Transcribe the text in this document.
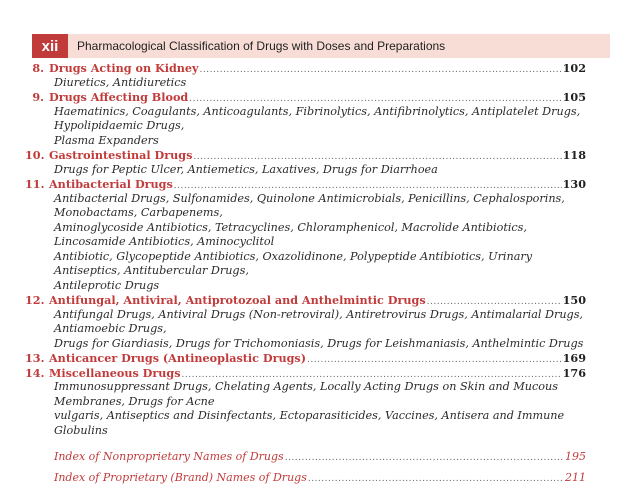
xii	Pharmacological Classification of Drugs with Doses and Preparations
8. Drugs Acting on Kidney .....	102
Diuretics, Antidiuretics
9. Drugs Affecting Blood .....	105
Haematinics, Coagulants, Anticoagulants, Fibrinolytics, Antifibrinolytics, Antiplatelet Drugs, Hypolipidaemic Drugs,
Plasma Expanders
10. Gastrointestinal Drugs .....	118
Drugs for Peptic Ulcer, Antiemetics, Laxatives, Drugs for Diarrhoea
11. Antibacterial Drugs .....	130
Antibacterial Drugs, Sulfonamides, Quinolone Antimicrobials, Penicillins, Cephalosporins, Monobactams, Carbapenems,
Aminoglycoside Antibiotics, Tetracyclines, Chloramphenicol, Macrolide Antibiotics, Lincosamide Antibiotics, Aminocyclitol
Antibiotic, Glycopeptide Antibiotics, Oxazolidinone, Polypeptide Antibiotics, Urinary Antiseptics, Antitubercular Drugs,
Antileprotic Drugs
12. Antifungal, Antiviral, Antiprotozoal and Anthelmintic Drugs .....	150
Antifungal Drugs, Antiviral Drugs (Non-retroviral), Antiretrovirus Drugs, Antimalarial Drugs, Antiamoebic Drugs,
Drugs for Giardiasis, Drugs for Trichomoniasis, Drugs for Leishmaniasis, Anthelmintic Drugs
13. Anticancer Drugs (Antineoplastic Drugs) .....	169
14. Miscellaneous Drugs .....	176
Immunosuppressant Drugs, Chelating Agents, Locally Acting Drugs on Skin and Mucous Membranes, Drugs for Acne
vulgaris, Antiseptics and Disinfectants, Ectoparasiticides, Vaccines, Antisera and Immune Globulins
Index of Nonproprietary Names of Drugs .....	195
Index of Proprietary (Brand) Names of Drugs .....	211
